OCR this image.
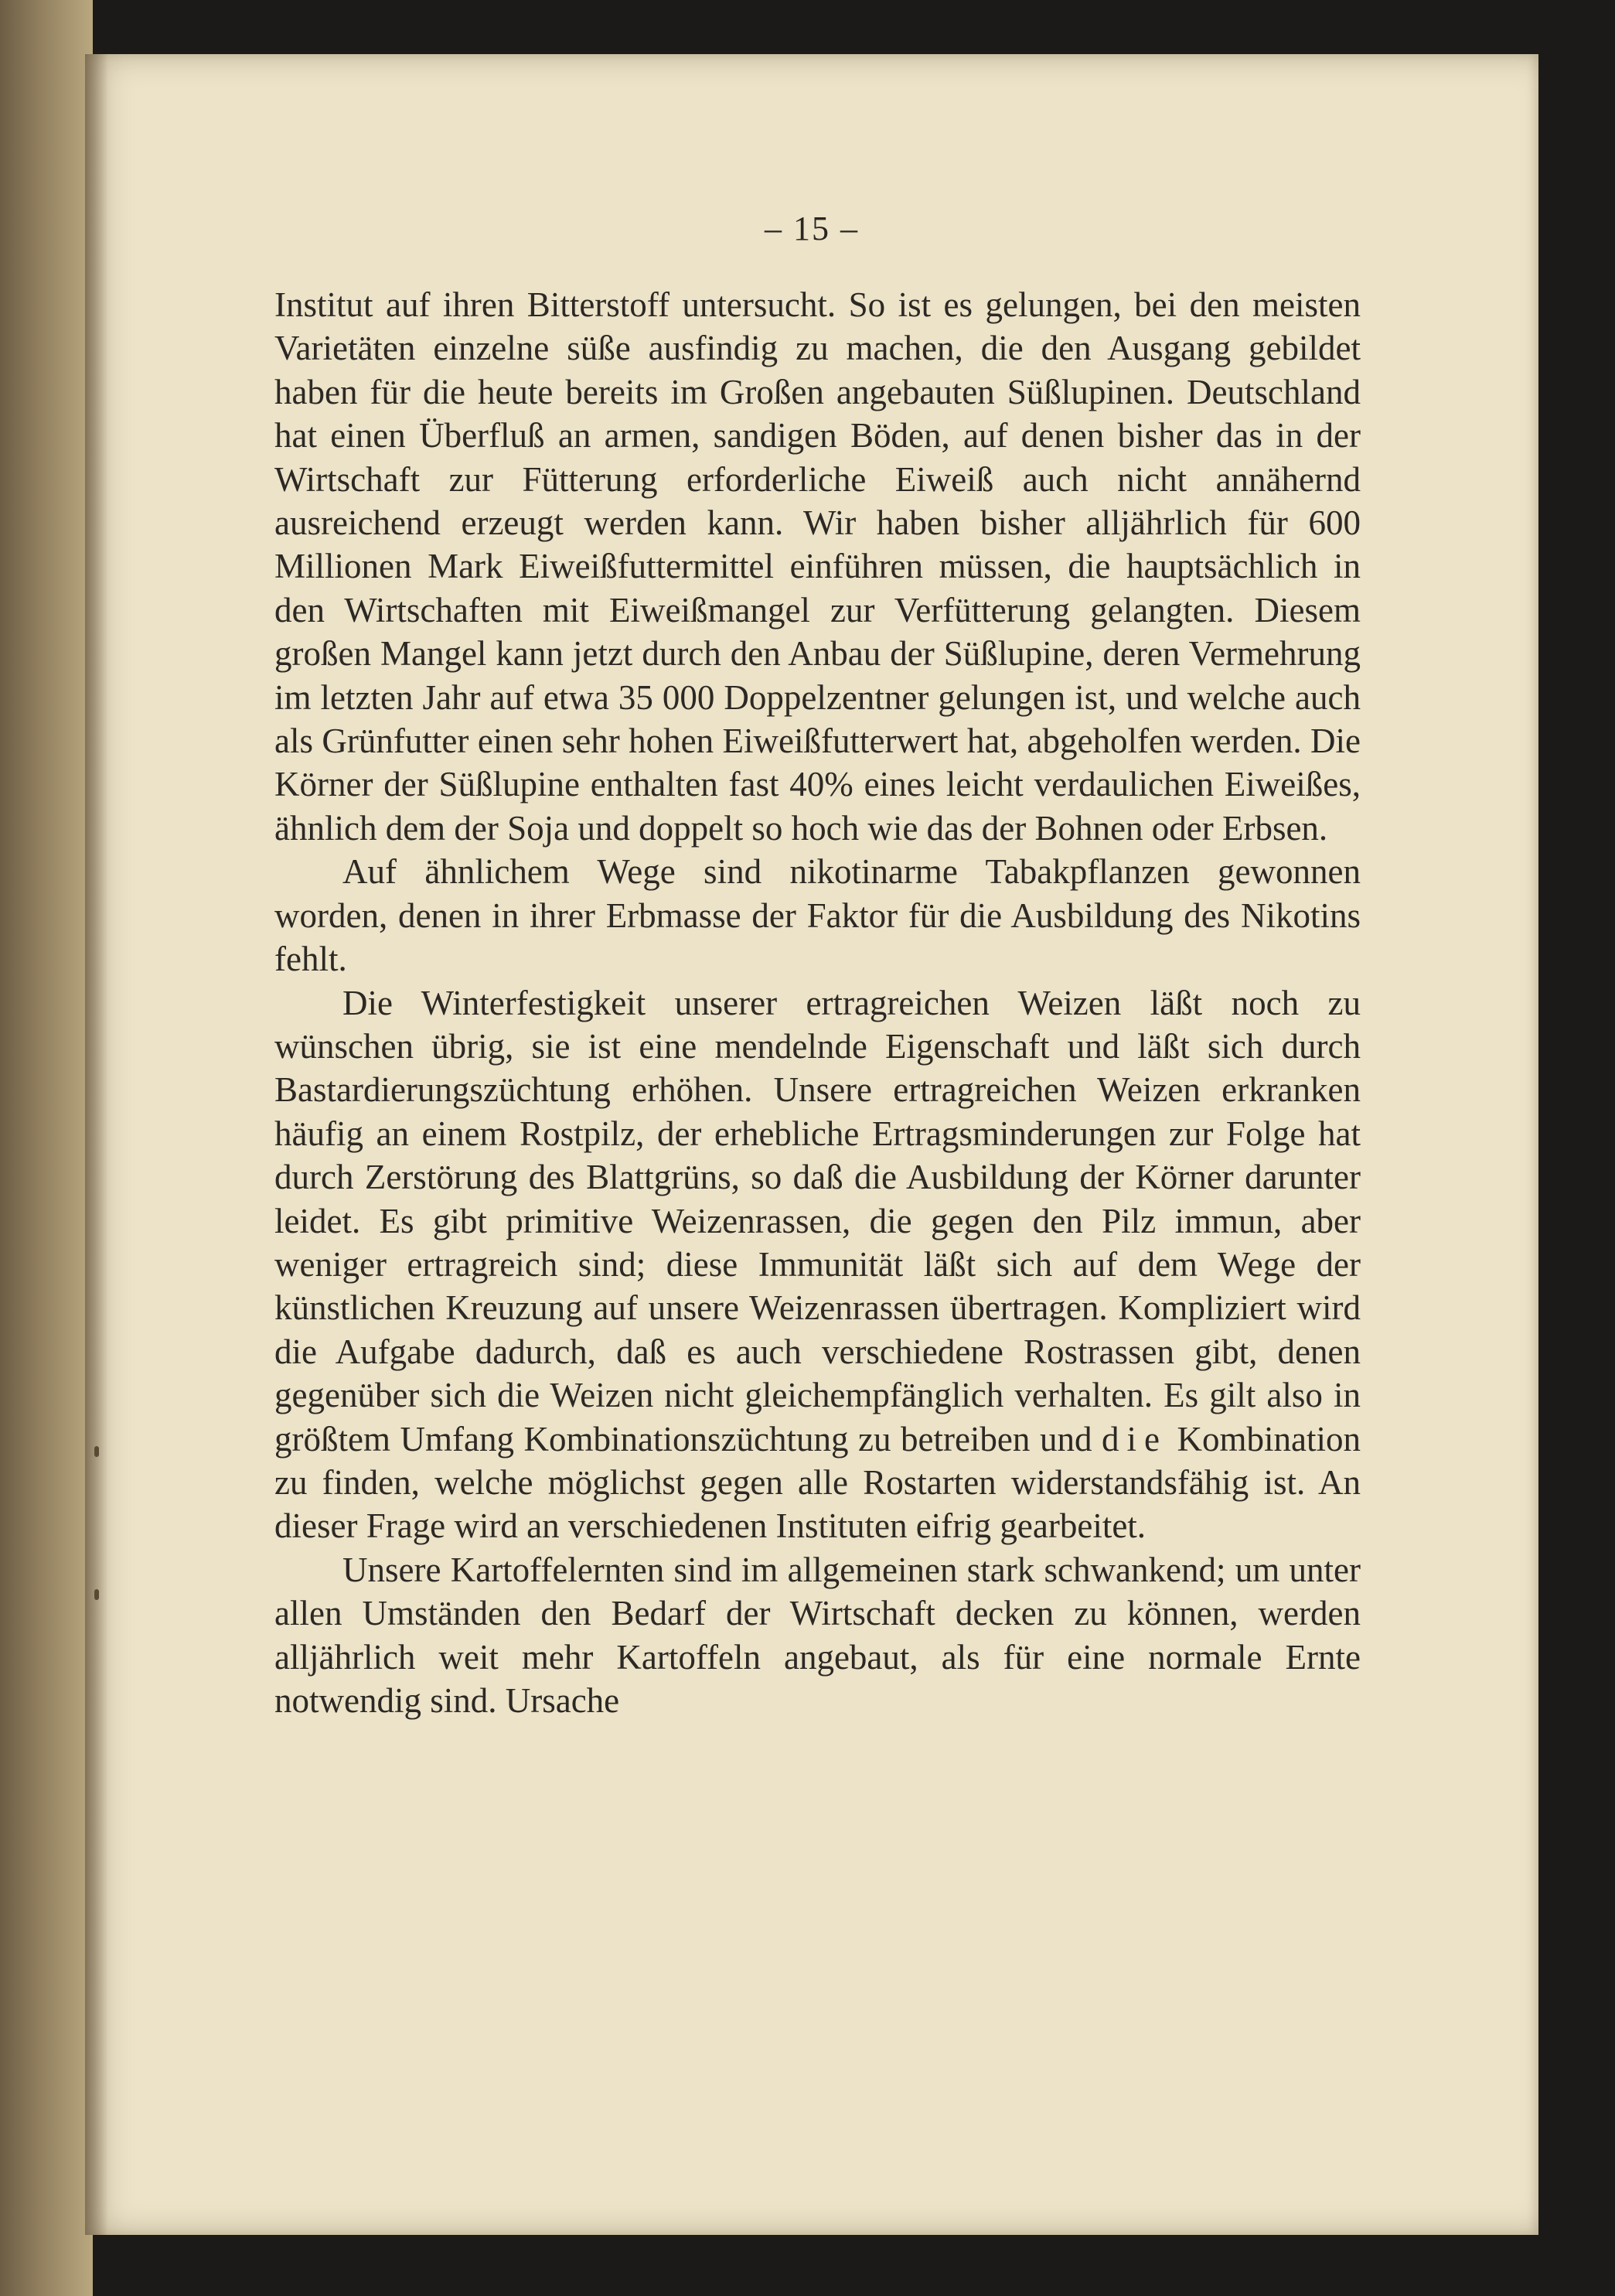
– 15 –

Institut auf ihren Bitterstoff untersucht. So ist es gelungen, bei den meisten Varietäten einzelne süße ausfindig zu machen, die den Ausgang gebildet haben für die heute bereits im Großen angebauten Süßlupinen. Deutschland hat einen Überfluß an armen, sandigen Böden, auf denen bisher das in der Wirtschaft zur Fütterung erforderliche Eiweiß auch nicht annähernd ausreichend erzeugt werden kann. Wir haben bisher alljährlich für 600 Millionen Mark Eiweißfuttermittel einführen müssen, die hauptsächlich in den Wirtschaften mit Eiweißmangel zur Verfütterung gelangten. Diesem großen Mangel kann jetzt durch den Anbau der Süßlupine, deren Vermehrung im letzten Jahr auf etwa 35 000 Doppelzentner gelungen ist, und welche auch als Grünfutter einen sehr hohen Eiweißfutterwert hat, abgeholfen werden. Die Körner der Süßlupine enthalten fast 40% eines leicht verdaulichen Eiweißes, ähnlich dem der Soja und doppelt so hoch wie das der Bohnen oder Erbsen.

Auf ähnlichem Wege sind nikotinarme Tabakpflanzen gewonnen worden, denen in ihrer Erbmasse der Faktor für die Ausbildung des Nikotins fehlt.

Die Winterfestigkeit unserer ertragreichen Weizen läßt noch zu wünschen übrig, sie ist eine mendelnde Eigenschaft und läßt sich durch Bastardierungszüchtung erhöhen. Unsere ertragreichen Weizen erkranken häufig an einem Rostpilz, der erhebliche Ertragsminderungen zur Folge hat durch Zerstörung des Blattgrüns, so daß die Ausbildung der Körner darunter leidet. Es gibt primitive Weizenrassen, die gegen den Pilz immun, aber weniger ertragreich sind; diese Immunität läßt sich auf dem Wege der künstlichen Kreuzung auf unsere Weizenrassen übertragen. Kompliziert wird die Aufgabe dadurch, daß es auch verschiedene Rostrassen gibt, denen gegenüber sich die Weizen nicht gleichempfänglich verhalten. Es gilt also in größtem Umfang Kombinationszüchtung zu betreiben und die Kombination zu finden, welche möglichst gegen alle Rostarten widerstandsfähig ist. An dieser Frage wird an verschiedenen Instituten eifrig gearbeitet.

Unsere Kartoffelernten sind im allgemeinen stark schwankend; um unter allen Umständen den Bedarf der Wirtschaft decken zu können, werden alljährlich weit mehr Kartoffeln angebaut, als für eine normale Ernte notwendig sind. Ursache
